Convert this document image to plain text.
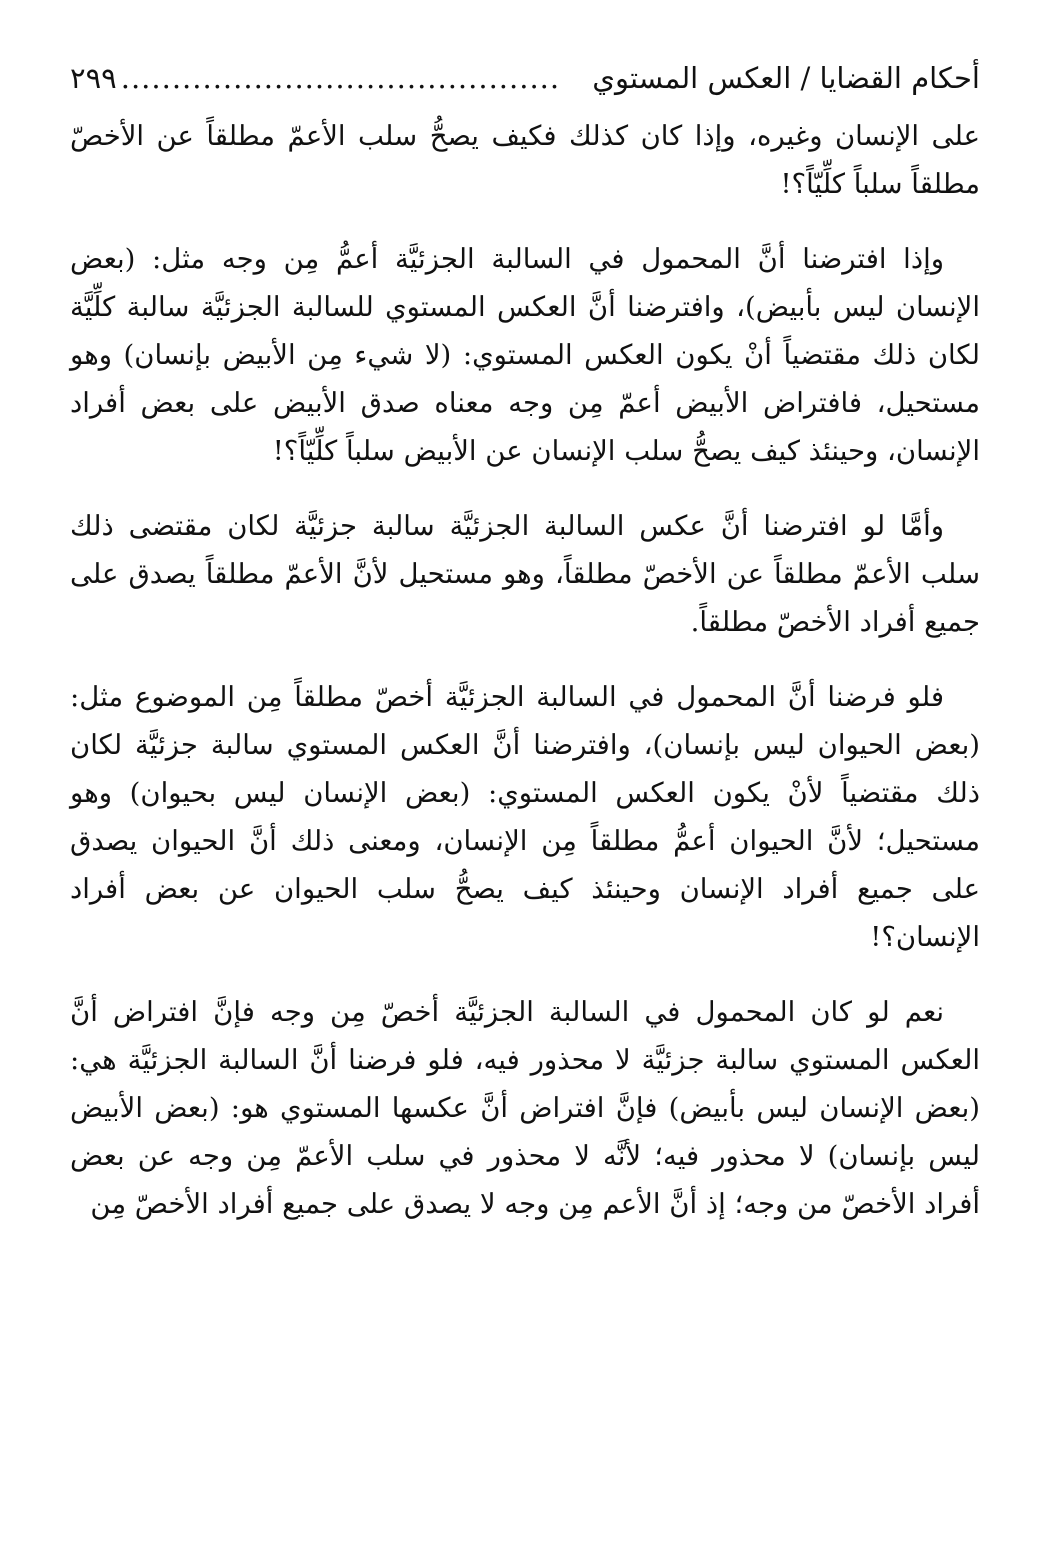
أحكام القضايا / العكس المستوي
...........................................
٢٩٩

على الإنسان وغيره، وإذا كان كذلك فكيف يصحُّ سلب الأعمّ مطلقاً عن الأخصّ مطلقاً سلباً كلِّيّاً؟!

وإذا افترضنا أنَّ المحمول في السالبة الجزئيَّة أعمُّ مِن وجه مثل: (بعض الإنسان ليس بأبيض)، وافترضنا أنَّ العكس المستوي للسالبة الجزئيَّة سالبة كلِّيَّة لكان ذلك مقتضياً أنْ يكون العكس المستوي: (لا شيء مِن الأبيض بإنسان) وهو مستحيل، فافتراض الأبيض أعمّ مِن وجه معناه صدق الأبيض على بعض أفراد الإنسان، وحينئذ كيف يصحُّ سلب الإنسان عن الأبيض سلباً كلِّيّاً؟!

وأمَّا لو افترضنا أنَّ عكس السالبة الجزئيَّة سالبة جزئيَّة لكان مقتضى ذلك سلب الأعمّ مطلقاً عن الأخصّ مطلقاً، وهو مستحيل لأنَّ الأعمّ مطلقاً يصدق على جميع أفراد الأخصّ مطلقاً.

فلو فرضنا أنَّ المحمول في السالبة الجزئيَّة أخصّ مطلقاً مِن الموضوع مثل: (بعض الحيوان ليس بإنسان)، وافترضنا أنَّ العكس المستوي سالبة جزئيَّة لكان ذلك مقتضياً لأنْ يكون العكس المستوي: (بعض الإنسان ليس بحيوان) وهو مستحيل؛ لأنَّ الحيوان أعمُّ مطلقاً مِن الإنسان، ومعنى ذلك أنَّ الحيوان يصدق على جميع أفراد الإنسان وحينئذ كيف يصحُّ سلب الحيوان عن بعض أفراد الإنسان؟!

نعم لو كان المحمول في السالبة الجزئيَّة أخصّ مِن وجه فإنَّ افتراض أنَّ العكس المستوي سالبة جزئيَّة لا محذور فيه، فلو فرضنا أنَّ السالبة الجزئيَّة هي: (بعض الإنسان ليس بأبيض) فإنَّ افتراض أنَّ عكسها المستوي هو: (بعض الأبيض ليس بإنسان) لا محذور فيه؛ لأنَّه لا محذور في سلب الأعمّ مِن وجه عن بعض أفراد الأخصّ من وجه؛ إذ أنَّ الأعم مِن وجه لا يصدق على جميع أفراد الأخصّ مِن
